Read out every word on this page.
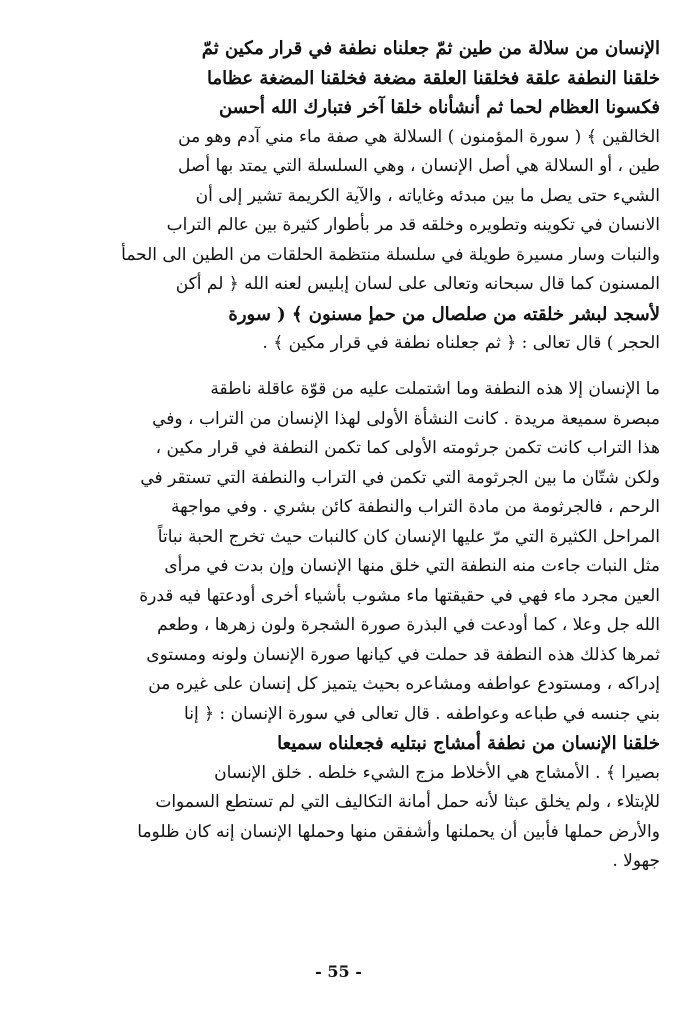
الإنسان من سلالة من طين ثمّ جعلناه نطفة في قرار مكين ثمّ
خلقنا النطفة علقة فخلقنا العلقة مضغة فخلقنا المضغة عظاما
فكسونا العظام لحما ثم أنشأناه خلقا آخر فتبارك الله أحسن
الخالقين ﴾ ( سورة المؤمنون ) السلالة هي صفة ماء مني آدم وهو من
طين ، أو السلالة هي أصل الإنسان ، وهي السلسلة التي يمتد بها أصل
الشيء حتى يصل ما بين مبدئه وغاياته ، والآية الكريمة تشير إلى أن
الانسان في تكوينه وتطويره وخلقه قد مر بأطوار كثيرة بين عالم التراب
والنبات وسار مسيرة طويلة في سلسلة منتظمة الحلقات من الطين الى الحمأ
المسنون كما قال سبحانه وتعالى على لسان إبليس لعنه الله ﴿ لم أكن
لأسجد لبشر خلقته من صلصال من حمإ مسنون ﴾ ( سورة
الحجر ) قال تعالى : ﴿ ثم جعلناه نطفة في قرار مكين ﴾ .
ما الإنسان إلا هذه النطفة وما اشتملت عليه من قوّة عاقلة ناطقة
مبصرة سميعة مريدة . كانت النشأة الأولى لهذا الإنسان من التراب ، وفي
هذا التراب كانت تكمن جرثومته الأولى كما تكمن النطفة في قرار مكين ،
ولكن شتّان ما بين الجرثومة التي تكمن في التراب والنطفة التي تستقر في
الرحم ، فالجرثومة من مادة التراب والنطفة كائن بشري . وفي مواجهة
المراحل الكثيرة التي مرّ عليها الإنسان كان كالنبات حيث تخرج الحبة نباتاً
مثل النبات جاءت منه النطفة التي خلق منها الإنسان وإن بدت في مرأى
العين مجرد ماء فهي في حقيقتها ماء مشوب بأشياء أخرى أودعتها فيه قدرة
الله جل وعلا ، كما أودعت في البذرة صورة الشجرة ولون زهرها ، وطعم
ثمرها كذلك هذه النطفة قد حملت في كيانها صورة الإنسان ولونه ومستوى
إدراكه ، ومستودع عواطفه ومشاعره بحيث يتميز كل إنسان على غيره من
بني جنسه في طباعه وعواطفه . قال تعالى في سورة الإنسان : ﴿ إنا
خلقنا الإنسان من نطفة أمشاج نبتليه فجعلناه سميعا
بصيرا ﴾ . الأمشاج هي الأخلاط مزج الشيء خلطه . خلق الإنسان
للإبتلاء ، ولم يخلق عبثا لأنه حمل أمانة التكاليف التي لم تستطع السموات
والأرض حملها فأبين أن يحملنها وأشفقن منها وحملها الإنسان إنه كان ظلوما
جهولا .
- 55 -
